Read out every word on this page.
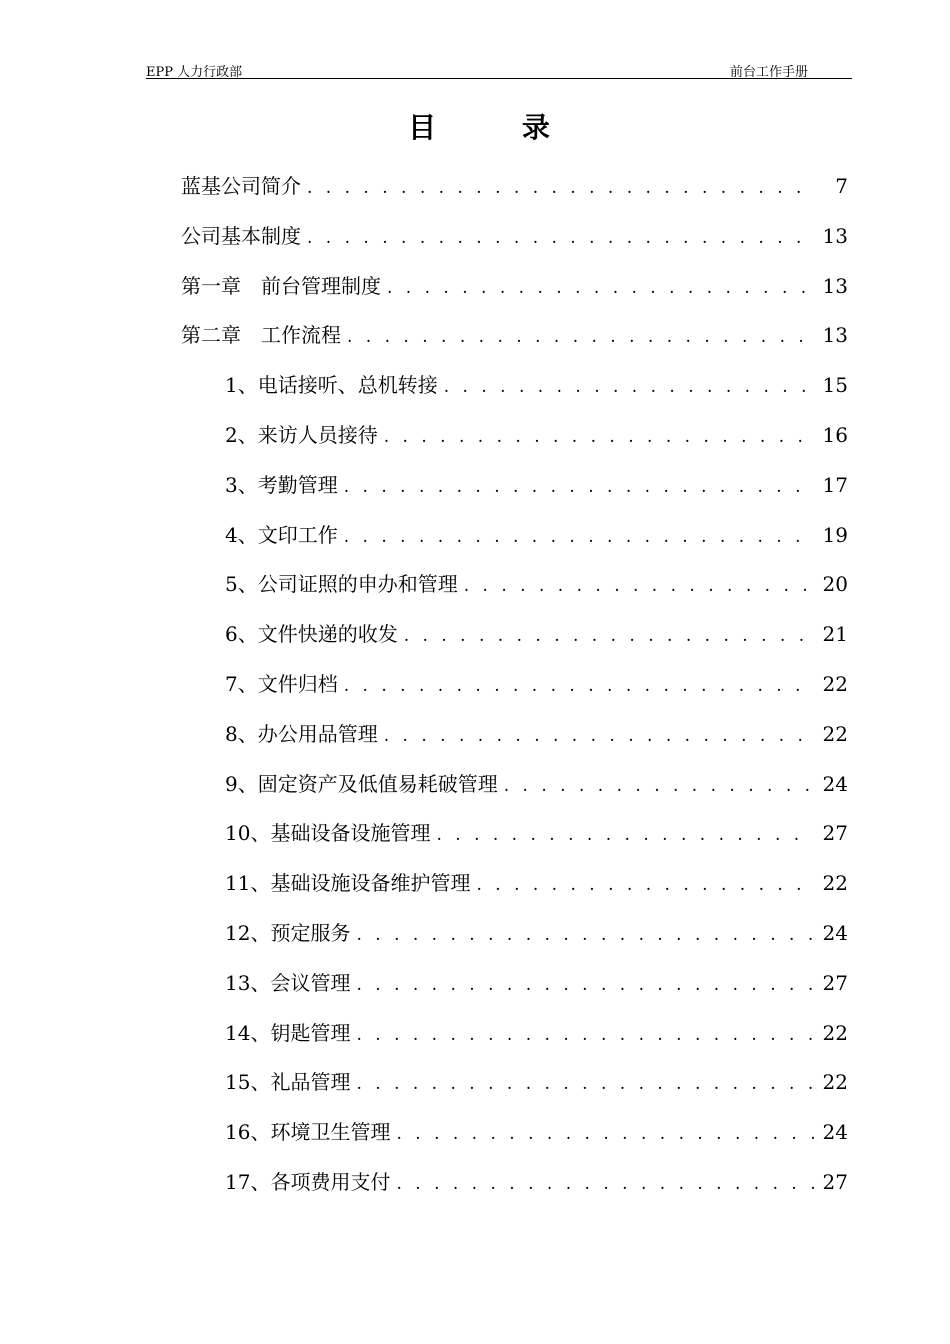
EPP 人力行政部	前台工作手册
目 录
蓝基公司简介 . . .	7
公司基本制度 . . .	13
第一章　前台管理制度 . . .	13
第二章　工作流程 . . .	13
1、电话接听、总机转接 . . .	15
2、来访人员接待 . . .	16
3、考勤管理 . . .	17
4、文印工作 . . .	19
5、公司证照的申办和管理 . . .	20
6、文件快递的收发 . . .	21
7、文件归档 . . .	22
8、办公用品管理 . . .	22
9、固定资产及低值易耗破管理 . . .	24
10、基础设备设施管理 . . .	27
11、基础设施设备维护管理 . . .	22
12、预定服务 . . .	24
13、会议管理 . . .	27
14、钥匙管理 . . .	22
15、礼品管理 . . .	22
16、环境卫生管理 . . .	24
17、各项费用支付 . . .	27
